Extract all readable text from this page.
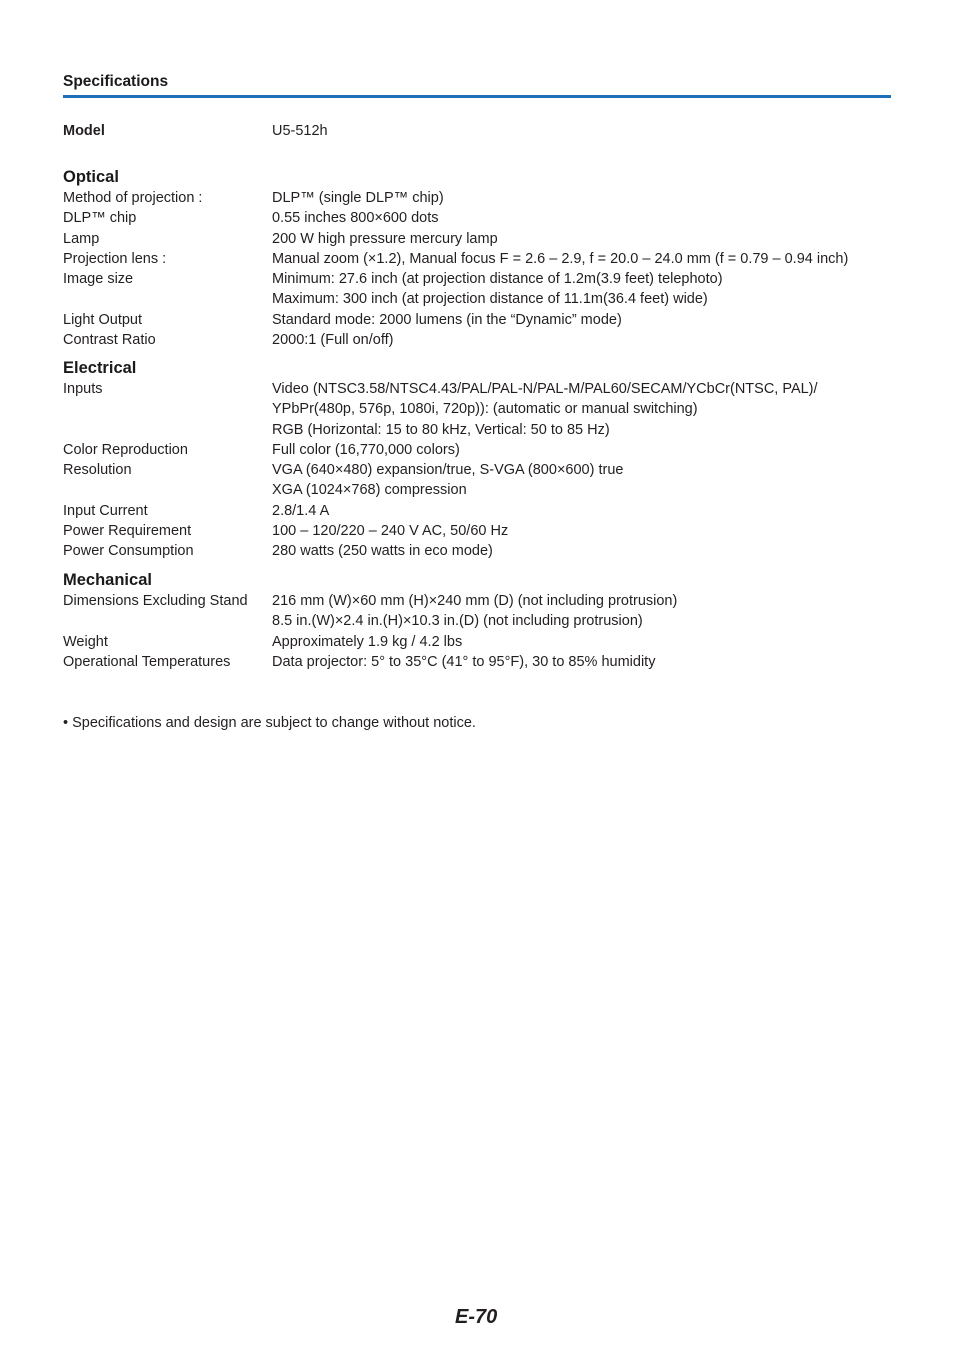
Specifications
Model	U5-512h
Optical
Method of projection :	DLP™ (single DLP™ chip)
DLP™ chip	0.55 inches 800×600 dots
Lamp	200 W high pressure mercury lamp
Projection lens :	Manual zoom (×1.2), Manual focus F = 2.6 – 2.9, f = 20.0 – 24.0 mm (f = 0.79 – 0.94 inch)
Image size	Minimum: 27.6 inch (at projection distance of 1.2m(3.9 feet) telephoto)
Maximum: 300 inch (at projection distance of 11.1m(36.4 feet) wide)
Light Output	Standard mode: 2000 lumens (in the “Dynamic” mode)
Contrast Ratio	2000:1 (Full on/off)
Electrical
Inputs	Video (NTSC3.58/NTSC4.43/PAL/PAL-N/PAL-M/PAL60/SECAM/YCbCr(NTSC, PAL)/
YPbPr(480p, 576p, 1080i, 720p)): (automatic or manual switching)
RGB (Horizontal: 15 to 80 kHz, Vertical: 50 to 85 Hz)
Color Reproduction	Full color (16,770,000 colors)
Resolution	VGA (640×480) expansion/true, S-VGA (800×600) true
XGA (1024×768) compression
Input Current	2.8/1.4 A
Power Requirement	100 – 120/220 – 240 V AC, 50/60 Hz
Power Consumption	280 watts (250 watts in eco mode)
Mechanical
Dimensions Excluding Stand	216 mm (W)×60 mm (H)×240 mm (D) (not including protrusion)
8.5 in.(W)×2.4 in.(H)×10.3 in.(D) (not including protrusion)
Weight	Approximately 1.9 kg / 4.2 lbs
Operational Temperatures	Data projector: 5° to 35°C (41° to 95°F), 30 to 85% humidity
• Specifications and design are subject to change without notice.
E-70
